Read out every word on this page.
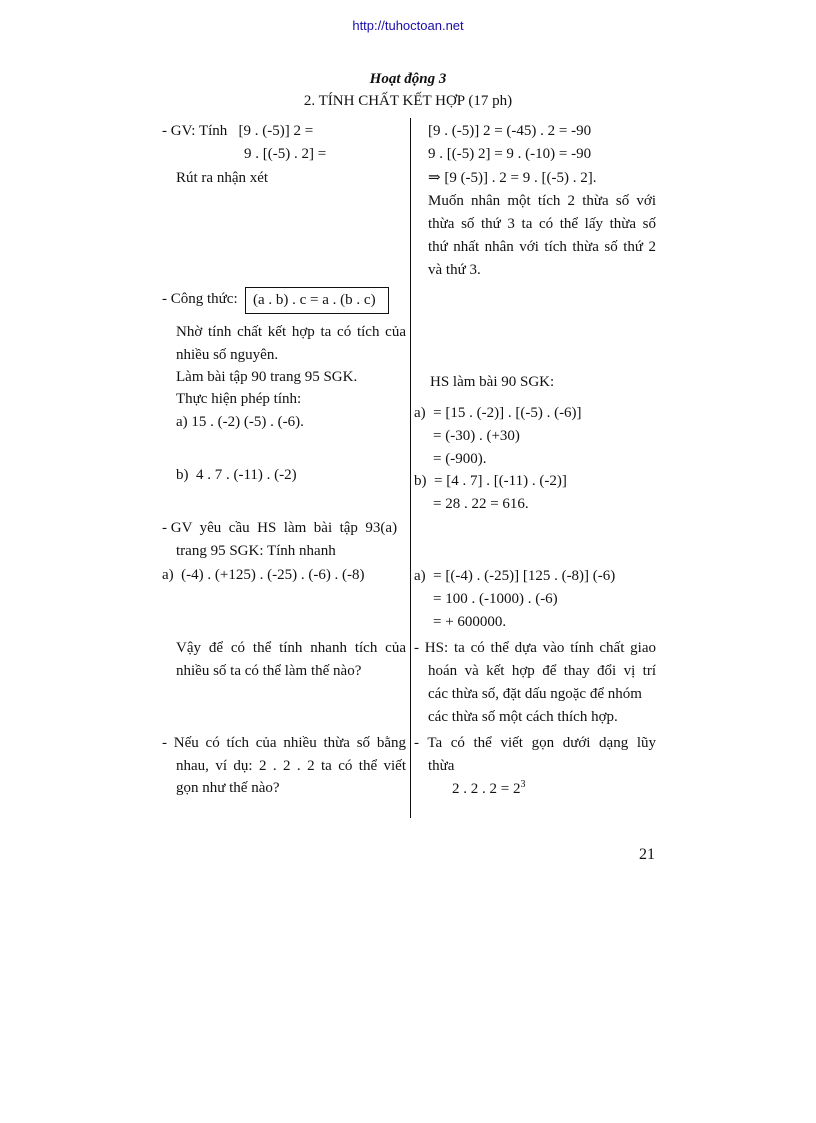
http://tuhoctoan.net
Hoạt động 3
2. TÍNH CHẤT KẾT HỢP (17 ph)
- GV: Tính   [9 . (-5)] 2 =
9 . [(-5) . 2] =
Rút ra nhận xét
- Công thức: (a . b) . c = a . (b . c)
Nhờ tính chất kết hợp ta có tích của
nhiều số nguyên.
Làm bài tập 90 trang 95 SGK.
Thực hiện phép tính:
a) 15 . (-2) (-5) . (-6).
b)  4 . 7 . (-11) . (-2)
- GV  yêu  cầu  HS  làm  bài  tập  93(a)
trang 95 SGK: Tính nhanh
a)  (-4) . (+125) . (-25) . (-6) . (-8)
Vậy để có thể tính nhanh tích của
nhiều số ta có thể làm thế nào?
- Nếu có tích của nhiều thừa số bằng
nhau, ví dụ: 2 . 2 . 2 ta có thể viết
gọn như thế nào?
[9 . (-5)] 2 = (-45) . 2 = -90
9 . [(-5) 2] = 9 . (-10) = -90
⇒ [9 (-5)] . 2 = 9 . [(-5) . 2].
Muốn nhân một tích 2 thừa số với
thừa số thứ 3 ta có thể lấy thừa số
thứ nhất nhân với tích thừa số thứ 2
và thứ 3.
HS làm bài 90 SGK:
a)  = [15 . (-2)] . [(-5) . (-6)]
= (-30) . (+30)
= (-900).
b)  = [4 . 7] . [(-11) . (-2)]
= 28 . 22 = 616.
a)  = [(-4) . (-25)] [125 . (-8)] (-6)
= 100 . (-1000) . (-6)
= + 600000.
- HS: ta có thể dựa vào tính chất giao
hoán và kết hợp để thay đổi vị trí
các thừa số, đặt dấu ngoặc để nhóm
các thừa số một cách thích hợp.
- Ta có thể viết gọn dưới dạng lũy
thừa
2 . 2 . $2 = 2^3$
21
